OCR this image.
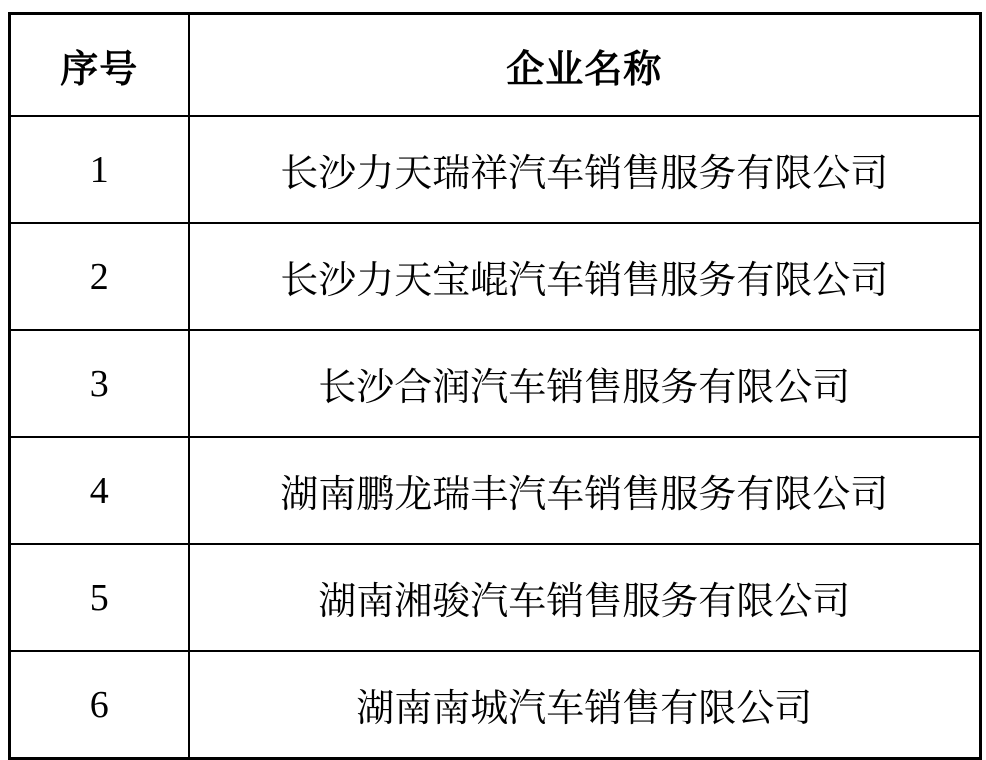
序号	企业名称
1	长沙力天瑞祥汽车销售服务有限公司
2	长沙力天宝崐汽车销售服务有限公司
3	长沙合润汽车销售服务有限公司
4	湖南鹏龙瑞丰汽车销售服务有限公司
5	湖南湘骏汽车销售服务有限公司
6	湖南南城汽车销售有限公司
